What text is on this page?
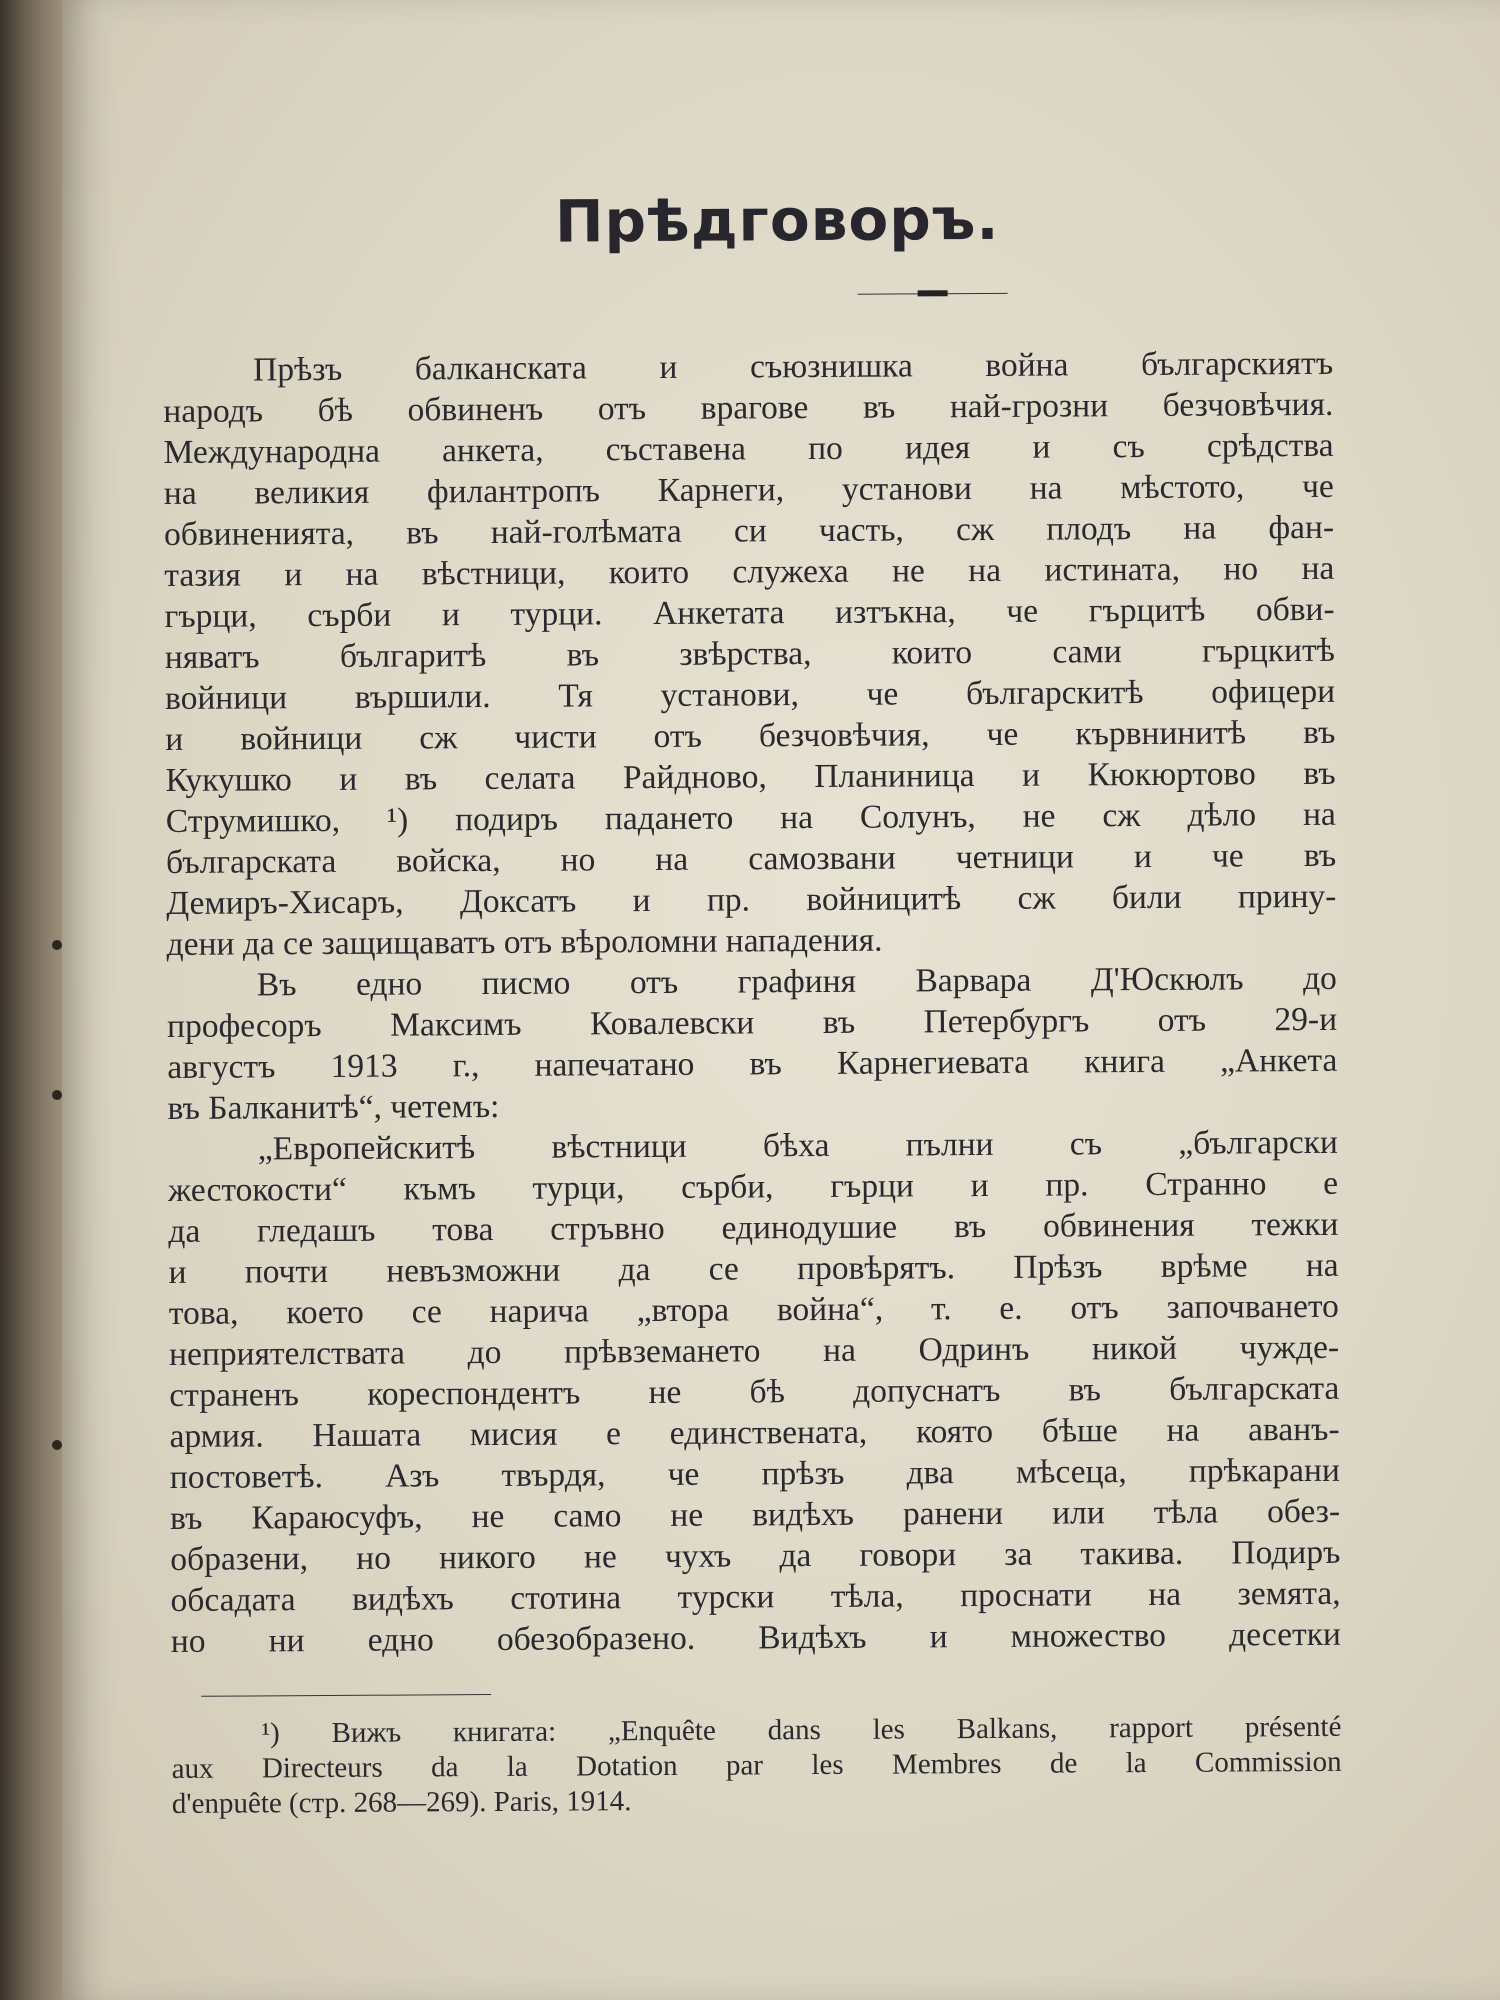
Прѣдговоръ.

Прѣзъ балканската и съюзнишка война българскиятъ
народъ бѣ обвиненъ отъ врагове въ най-грозни безчовѣчия.
Международна анкета, съставена по идея и съ срѣдства
на великия филантропъ Карнеги, установи на мѣстото, че
обвиненията, въ най-голѣмата си часть, сж плодъ на фан-
тазия и на вѣстници, които служеха не на истината, но на
гърци, сърби и турци. Анкетата изтъкна, че гърцитѣ обви-
няватъ българитѣ въ звѣрства, които сами гърцкитѣ
войници вършили. Тя установи, че българскитѣ офицери
и войници сж чисти отъ безчовѣчия, че кървнинитѣ въ
Кукушко и въ селата Райдново, Планиница и Кюкюртово въ
Струмишко, ¹) подиръ падането на Солунъ, не сж дѣло на
българската войска, но на самозвани четници и че въ
Демиръ-Хисаръ, Доксатъ и пр. войницитѣ сж били прину-
дени да се защищаватъ отъ вѣроломни нападения.

Въ едно писмо отъ графиня Варвара Д'Юскюлъ до
професоръ Максимъ Ковалевски въ Петербургъ отъ 29-и
августъ 1913 г., напечатано въ Карнегиевата книга „Анкета
въ Балканитѣ“, четемъ:

„Европейскитѣ вѣстници бѣха пълни съ „български
жестокости“ къмъ турци, сърби, гърци и пр. Странно е
да гледашъ това стръвно единодушие въ обвинения тежки
и почти невъзможни да се провѣрятъ. Прѣзъ врѣме на
това, което се нарича „втора война“, т. е. отъ започването
неприятелствата до прѣвземането на Одринъ никой чужде-
страненъ кореспондентъ не бѣ допуснатъ въ българската
армия. Нашата мисия е единствената, която бѣше на аванъ-
постоветѣ. Азъ твърдя, че прѣзъ два мѣсеца, прѣкарани
въ Караюсуфъ, не само не видѣхъ ранени или тѣла обез-
образени, но никого не чухъ да говори за такива. Подиръ
обсадата видѣхъ стотина турски тѣла, проснати на земята,
но ни едно обезобразено. Видѣхъ и множество десетки

¹) Вижъ книгата: „Enquête dans les Balkans, rapport présenté
aux Directeurs da la Dotation par les Membres de la Commission
d'enpuête (стр. 268—269). Paris, 1914.
